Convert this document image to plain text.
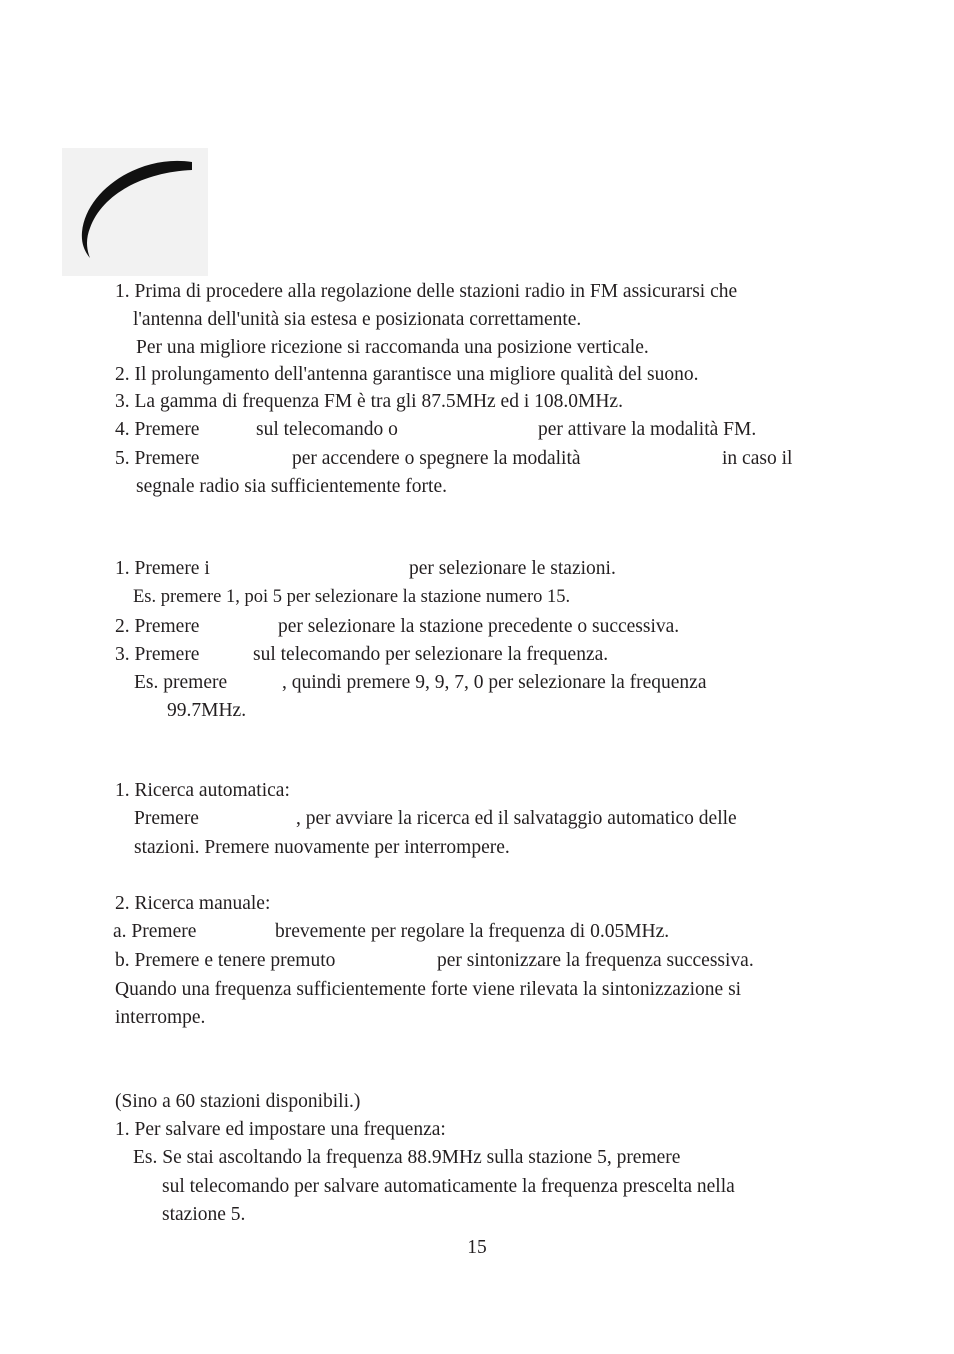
1. Prima di procedere alla regolazione delle stazioni radio in FM assicurarsi che
l'antenna dell'unità sia estesa e posizionata correttamente.
Per una migliore ricezione si raccomanda una posizione verticale.
2. Il prolungamento dell'antenna garantisce una migliore qualità del suono.
3. La gamma di frequenza FM è tra gli 87.5MHz ed i 108.0MHz.
4. Premere	sul telecomando o	per attivare la modalità FM.
5. Premere	per accendere o spegnere la modalità	in caso il
segnale radio sia sufficientemente forte.
1. Premere i	per selezionare le stazioni.
Es. premere 1, poi 5 per selezionare la stazione numero 15.
2. Premere	per selezionare la stazione precedente o successiva.
3. Premere	sul telecomando per selezionare la frequenza.
Es. premere	, quindi premere 9, 9, 7, 0 per selezionare la frequenza
99.7MHz.
1. Ricerca automatica:
Premere	, per avviare la ricerca ed il salvataggio automatico delle
stazioni. Premere nuovamente per interrompere.
2. Ricerca manuale:
a. Premere	brevemente per regolare la frequenza di 0.05MHz.
b. Premere e tenere premuto	per sintonizzare la frequenza successiva.
Quando una frequenza sufficientemente forte viene rilevata la sintonizzazione si
interrompe.
(Sino a 60 stazioni disponibili.)
1. Per salvare ed impostare una frequenza:
Es. Se stai ascoltando la frequenza 88.9MHz sulla stazione 5, premere
sul telecomando per salvare automaticamente la frequenza prescelta nella
stazione 5.
15
